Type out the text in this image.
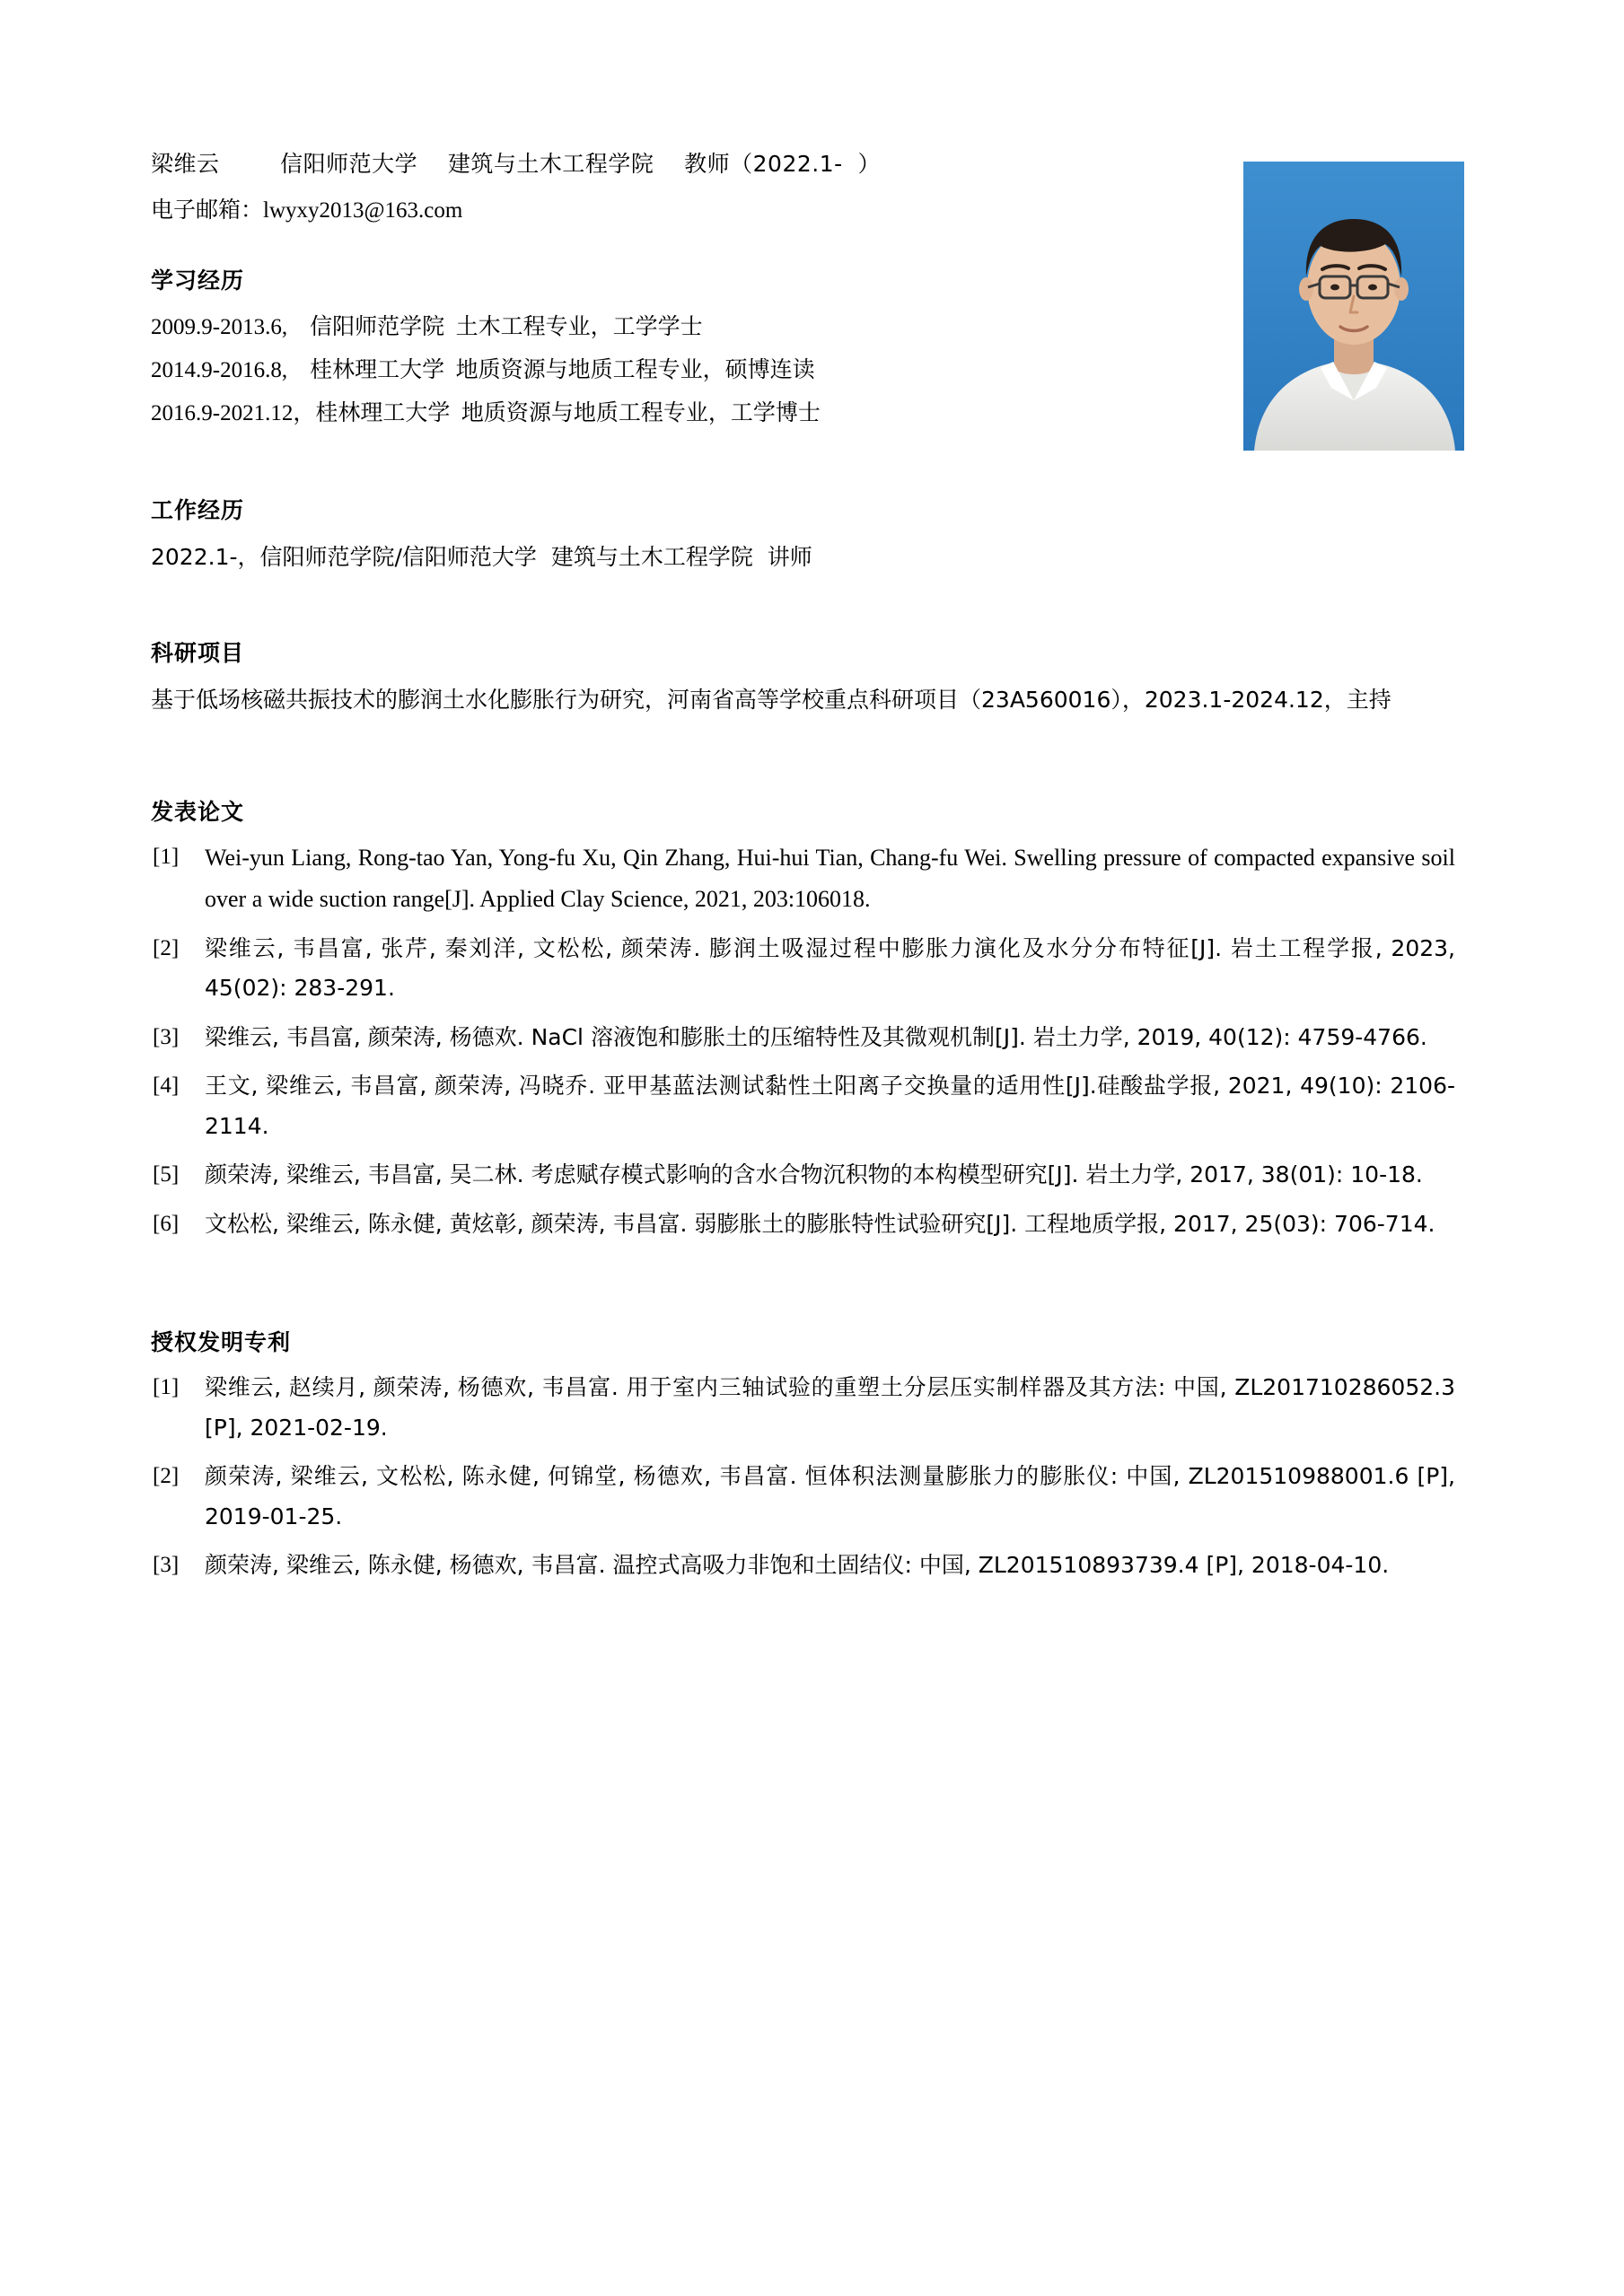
梁维云        信阳师范大学    建筑与土木工程学院    教师（2022.1-  ）
电子邮箱：lwyxy2013@163.com
学习经历
2009.9-2013.6,    信阳师范学院  土木工程专业，工学学士
2014.9-2016.8,    桂林理工大学  地质资源与地质工程专业，硕博连读
2016.9-2021.12，桂林理工大学  地质资源与地质工程专业，工学博士
工作经历
2022.1-，信阳师范学院/信阳师范大学  建筑与土木工程学院  讲师
科研项目

基于低场核磁共振技术的膨润土水化膨胀行为研究，河南省高等学校重点科研项目（23A560016），2023.1-2024.12，主持

发表论文
[1]	Wei-yun Liang, Rong-tao Yan, Yong-fu Xu, Qin Zhang, Hui-hui Tian, Chang-fu Wei. Swelling pressure of compacted expansive soil over a wide suction range[J]. Applied Clay Science, 2021, 203:106018.
[2]	梁维云, 韦昌富, 张芹, 秦刘洋, 文松松, 颜荣涛. 膨润土吸湿过程中膨胀力演化及水分分布特征[J]. 岩土工程学报, 2023, 45(02): 283-291.
[3]	梁维云, 韦昌富, 颜荣涛, 杨德欢. NaCl 溶液饱和膨胀土的压缩特性及其微观机制[J]. 岩土力学, 2019, 40(12): 4759-4766.
[4]	王文, 梁维云, 韦昌富, 颜荣涛, 冯晓乔. 亚甲基蓝法测试黏性土阳离子交换量的适用性[J].硅酸盐学报, 2021, 49(10): 2106-2114.
[5]	颜荣涛, 梁维云, 韦昌富, 吴二林. 考虑赋存模式影响的含水合物沉积物的本构模型研究[J]. 岩土力学, 2017, 38(01): 10-18.
[6]	文松松, 梁维云, 陈永健, 黄炫彰, 颜荣涛, 韦昌富. 弱膨胀土的膨胀特性试验研究[J]. 工程地质学报, 2017, 25(03): 706-714.
授权发明专利
[1]	梁维云, 赵续月, 颜荣涛, 杨德欢, 韦昌富. 用于室内三轴试验的重塑土分层压实制样器及其方法: 中国, ZL201710286052.3 [P], 2021-02-19.
[2]	颜荣涛, 梁维云, 文松松, 陈永健, 何锦堂, 杨德欢, 韦昌富. 恒体积法测量膨胀力的膨胀仪: 中国, ZL201510988001.6 [P], 2019-01-25.
[3]	颜荣涛, 梁维云, 陈永健, 杨德欢, 韦昌富. 温控式高吸力非饱和土固结仪: 中国, ZL201510893739.4 [P], 2018-04-10.
